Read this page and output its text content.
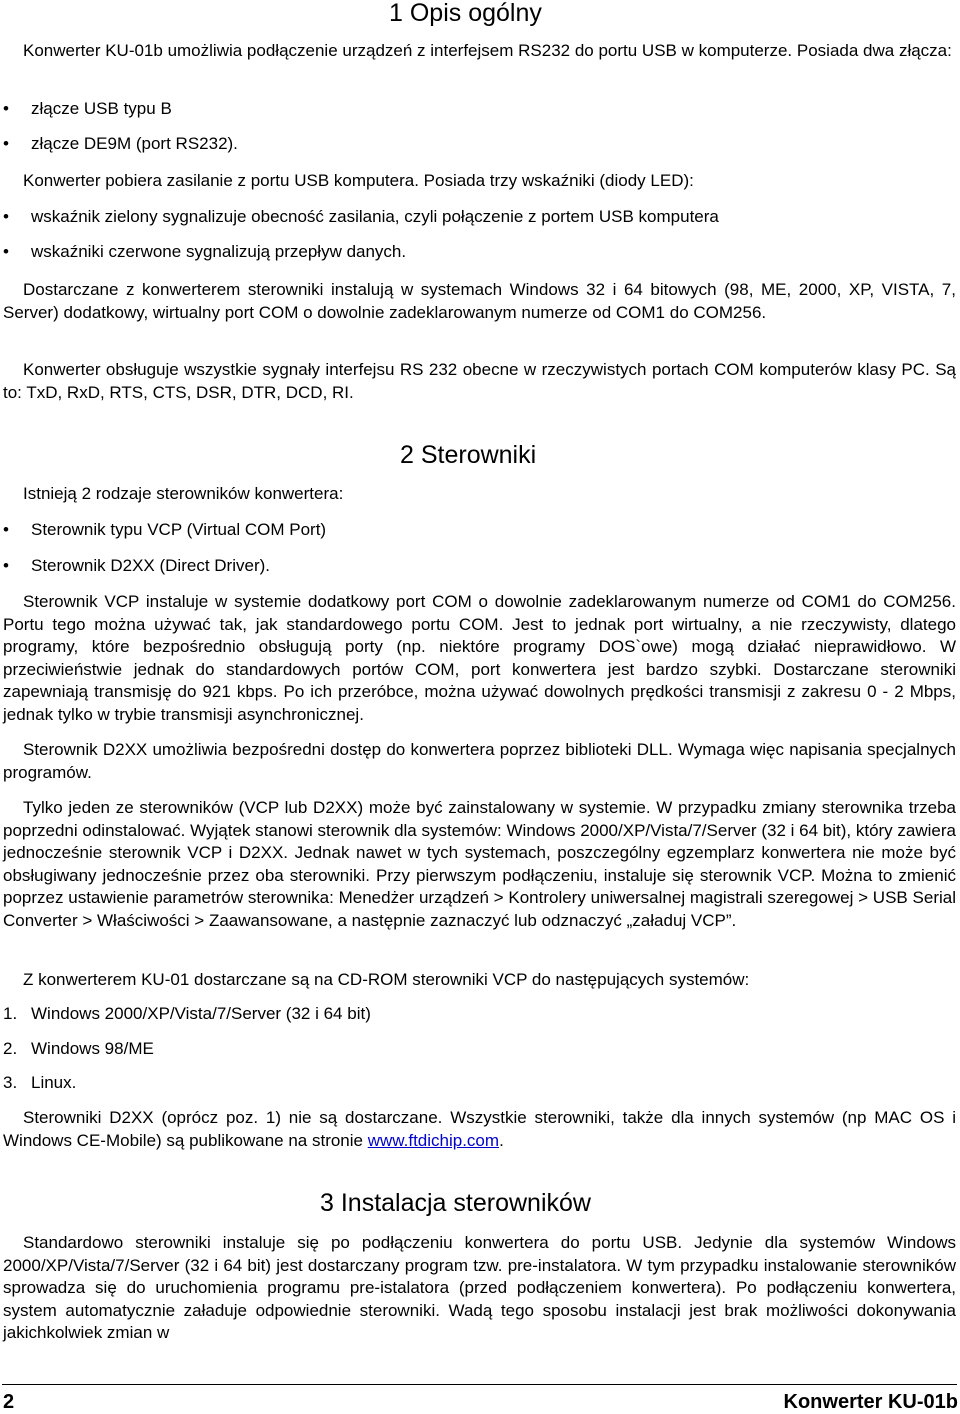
1 Opis ogólny

Konwerter KU-01b umożliwia podłączenie urządzeń z interfejsem RS232 do portu USB w komputerze. Posiada dwa złącza:

• złącze USB typu B
• złącze DE9M (port RS232).
Konwerter pobiera zasilanie z portu USB komputera. Posiada trzy wskaźniki (diody LED):
• wskaźnik zielony sygnalizuje obecność zasilania, czyli połączenie z portem USB komputera
• wskaźniki czerwone sygnalizują przepływ danych.

Dostarczane z konwerterem sterowniki instalują w systemach Windows 32 i 64 bitowych (98, ME, 2000, XP, VISTA, 7, Server) dodatkowy, wirtualny port COM o dowolnie zadeklarowanym numerze od COM1 do COM256.

Konwerter obsługuje wszystkie sygnały interfejsu RS 232 obecne w rzeczywistych portach COM komputerów klasy PC. Są to: TxD, RxD, RTS, CTS, DSR, DTR, DCD, RI.

2 Sterowniki
Istnieją 2 rodzaje sterowników konwertera:
• Sterownik typu VCP (Virtual COM Port)
• Sterownik D2XX (Direct Driver).

Sterownik VCP instaluje w systemie dodatkowy port COM o dowolnie zadeklarowanym numerze od COM1 do COM256. Portu tego można używać tak, jak standardowego portu COM. Jest to jednak port wirtualny, a nie rzeczywisty, dlatego programy, które bezpośrednio obsługują porty (np. niektóre programy DOS`owe) mogą działać nieprawidłowo. W przeciwieństwie jednak do standardowych portów COM, port konwertera jest bardzo szybki. Dostarczane sterowniki zapewniają transmisję do 921 kbps. Po ich przeróbce, można używać dowolnych prędkości transmisji z zakresu 0 - 2 Mbps, jednak tylko w trybie transmisji asynchronicznej.

Sterownik D2XX umożliwia bezpośredni dostęp do konwertera poprzez biblioteki DLL. Wymaga więc napisania specjalnych programów.

Tylko jeden ze sterowników (VCP lub D2XX) może być zainstalowany w systemie. W przypadku zmiany sterownika trzeba poprzedni odinstalować. Wyjątek stanowi sterownik dla systemów: Windows 2000/XP/Vista/7/Server (32 i 64 bit), który zawiera jednocześnie sterownik VCP i D2XX. Jednak nawet w tych systemach, poszczególny egzemplarz konwertera nie może być obsługiwany jednocześnie przez oba sterowniki. Przy pierwszym podłączeniu, instaluje się sterownik VCP. Można to zmienić poprzez ustawienie parametrów sterownika: Menedżer urządzeń > Kontrolery uniwersalnej magistrali szeregowej > USB Serial Converter > Właściwości > Zaawansowane, a następnie zaznaczyć lub odznaczyć „załaduj VCP”.

Z konwerterem KU-01 dostarczane są na CD-ROM sterowniki VCP do następujących systemów:
1. Windows 2000/XP/Vista/7/Server (32 i 64 bit)
2. Windows 98/ME
3. Linux.

Sterowniki D2XX (oprócz poz. 1) nie są dostarczane. Wszystkie sterowniki, także dla innych systemów (np MAC OS i Windows CE-Mobile) są publikowane na stronie www.ftdichip.com.

3 Instalacja sterowników

Standardowo sterowniki instaluje się po podłączeniu konwertera do portu USB. Jedynie dla systemów Windows 2000/XP/Vista/7/Server (32 i 64 bit) jest dostarczany program tzw. pre-instalatora. W tym przypadku instalowanie sterowników sprowadza się do uruchomienia programu pre-istalatora (przed podłączeniem konwertera). Po podłączeniu konwertera, system automatycznie załaduje odpowiednie sterowniki. Wadą tego sposobu instalacji jest brak możliwości dokonywania jakichkolwiek zmian w

2	Konwerter KU-01b
